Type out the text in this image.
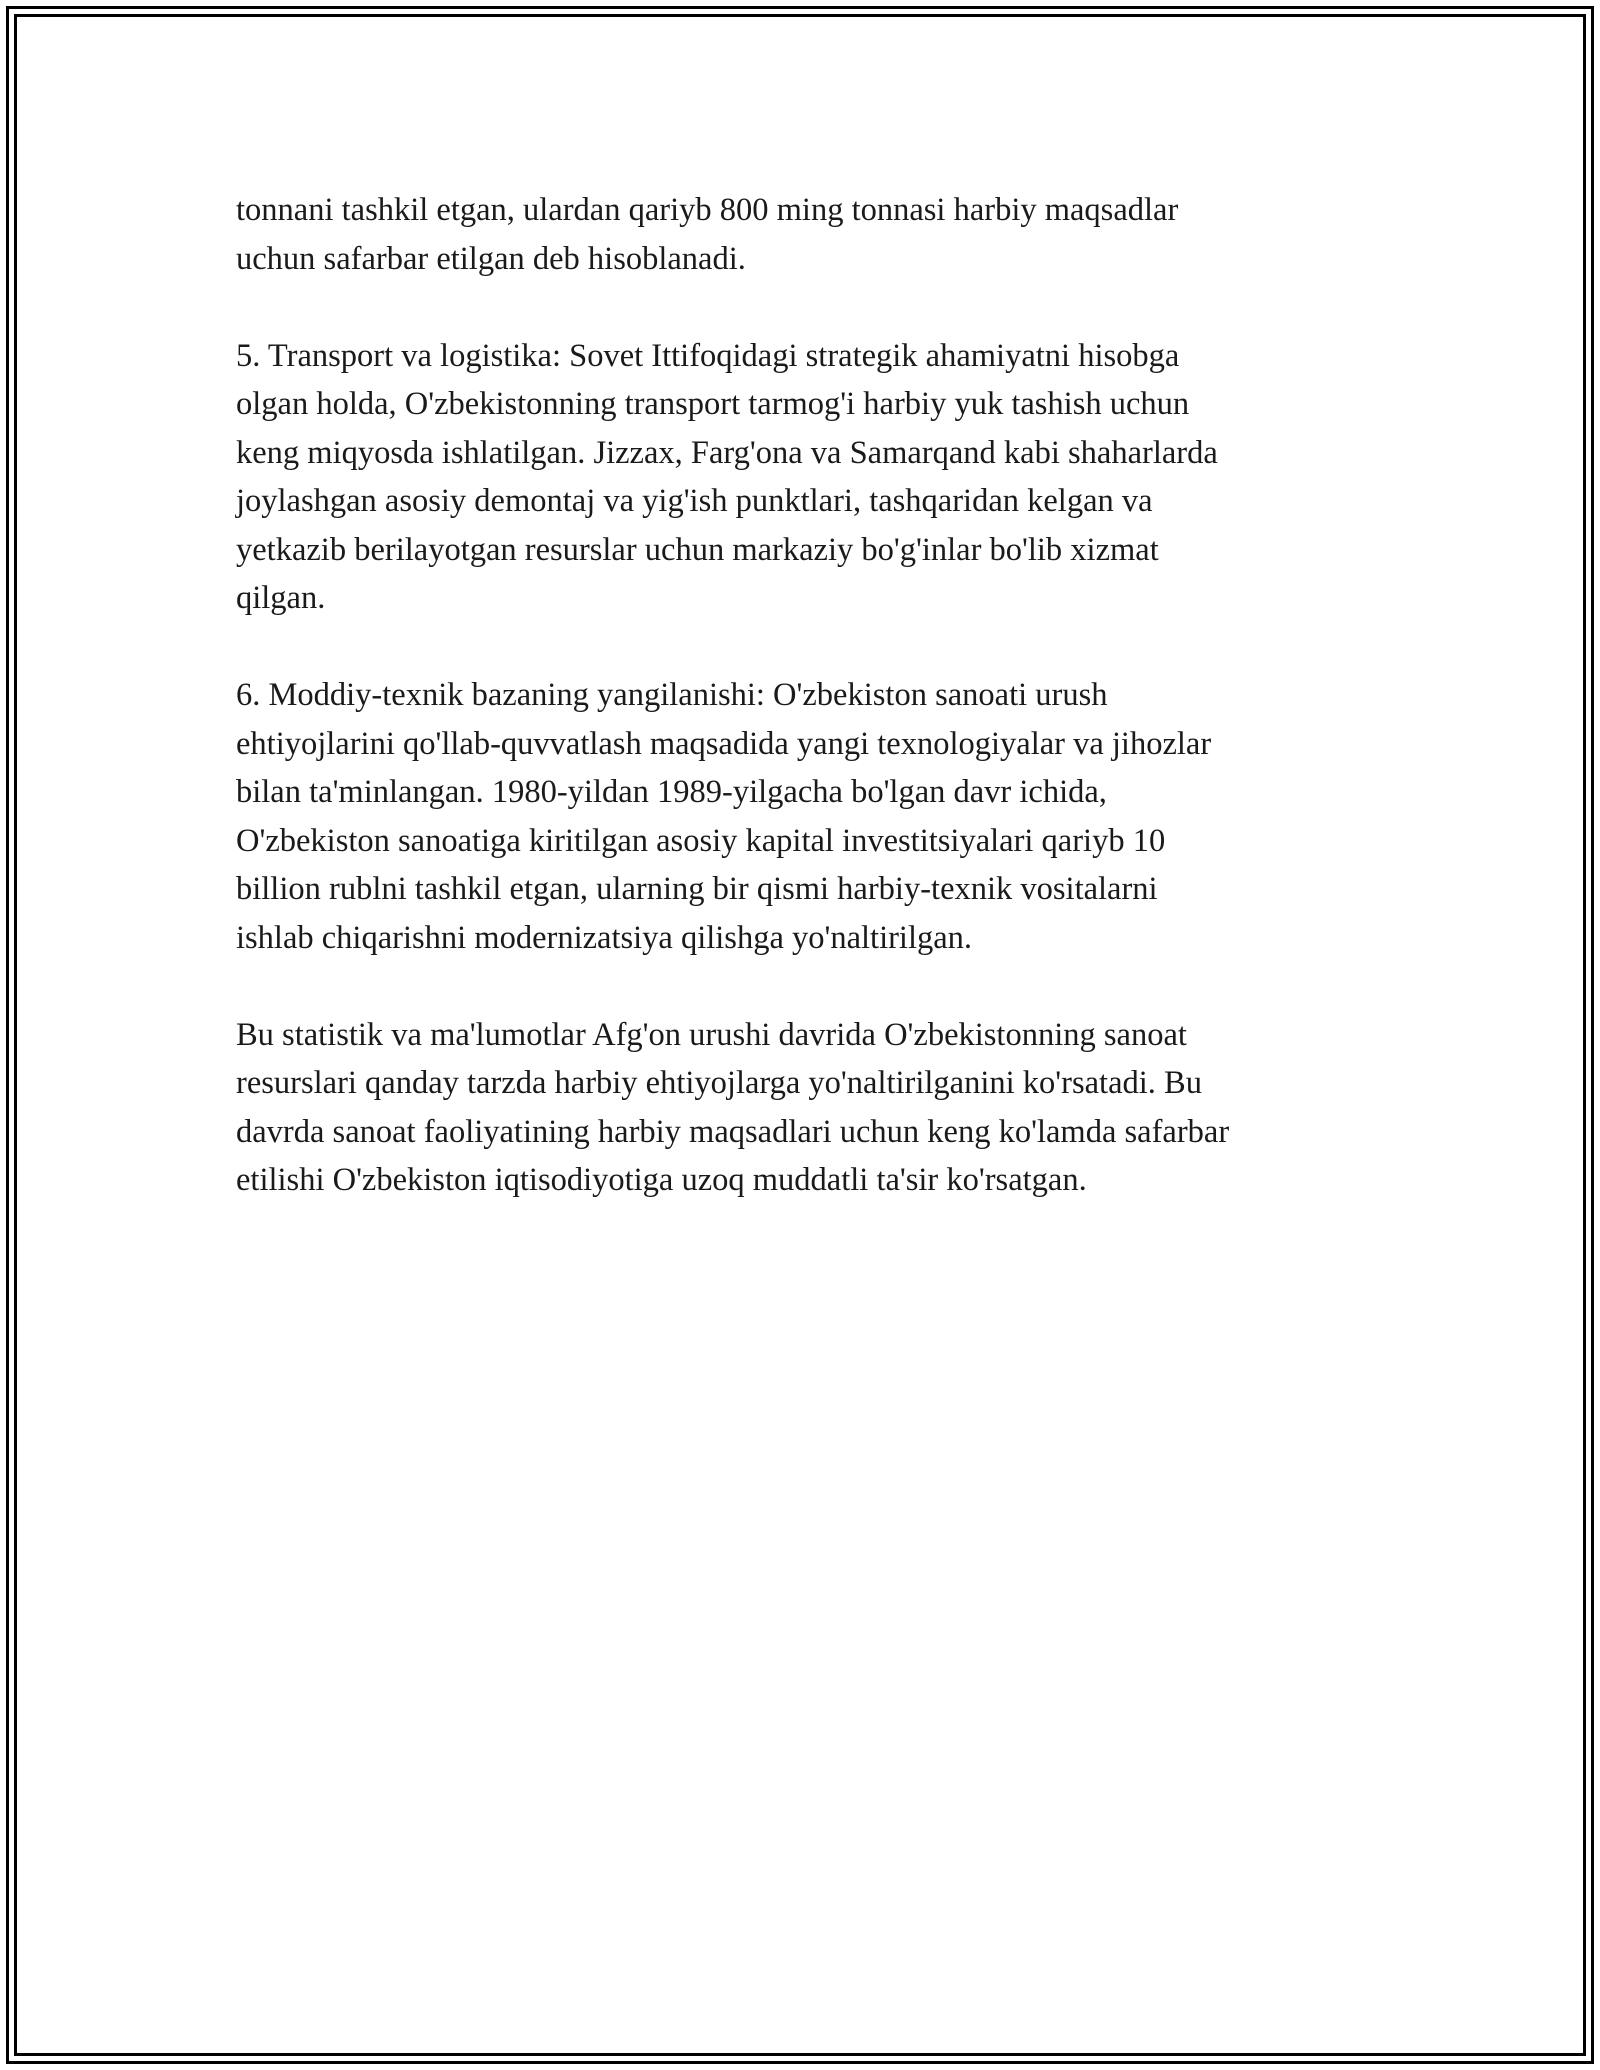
tonnani tashkil etgan, ulardan qariyb 800 ming tonnasi harbiy maqsadlar
uchun safarbar etilgan deb hisoblanadi.

5. Transport va logistika: Sovet Ittifoqidagi strategik ahamiyatni hisobga
olgan holda, O'zbekistonning transport tarmog'i harbiy yuk tashish uchun
keng miqyosda ishlatilgan. Jizzax, Farg'ona va Samarqand kabi shaharlarda
joylashgan asosiy demontaj va yig'ish punktlari, tashqaridan kelgan va
yetkazib berilayotgan resurslar uchun markaziy bo'g'inlar bo'lib xizmat
qilgan.

6. Moddiy-texnik bazaning yangilanishi: O'zbekiston sanoati urush
ehtiyojlarini qo'llab-quvvatlash maqsadida yangi texnologiyalar va jihozlar
bilan ta'minlangan. 1980-yildan 1989-yilgacha bo'lgan davr ichida,
O'zbekiston sanoatiga kiritilgan asosiy kapital investitsiyalari qariyb 10
billion rublni tashkil etgan, ularning bir qismi harbiy-texnik vositalarni
ishlab chiqarishni modernizatsiya qilishga yo'naltirilgan.

Bu statistik va ma'lumotlar Afg'on urushi davrida O'zbekistonning sanoat
resurslari qanday tarzda harbiy ehtiyojlarga yo'naltirilganini ko'rsatadi. Bu
davrda sanoat faoliyatining harbiy maqsadlari uchun keng ko'lamda safarbar
etilishi O'zbekiston iqtisodiyotiga uzoq muddatli ta'sir ko'rsatgan.
